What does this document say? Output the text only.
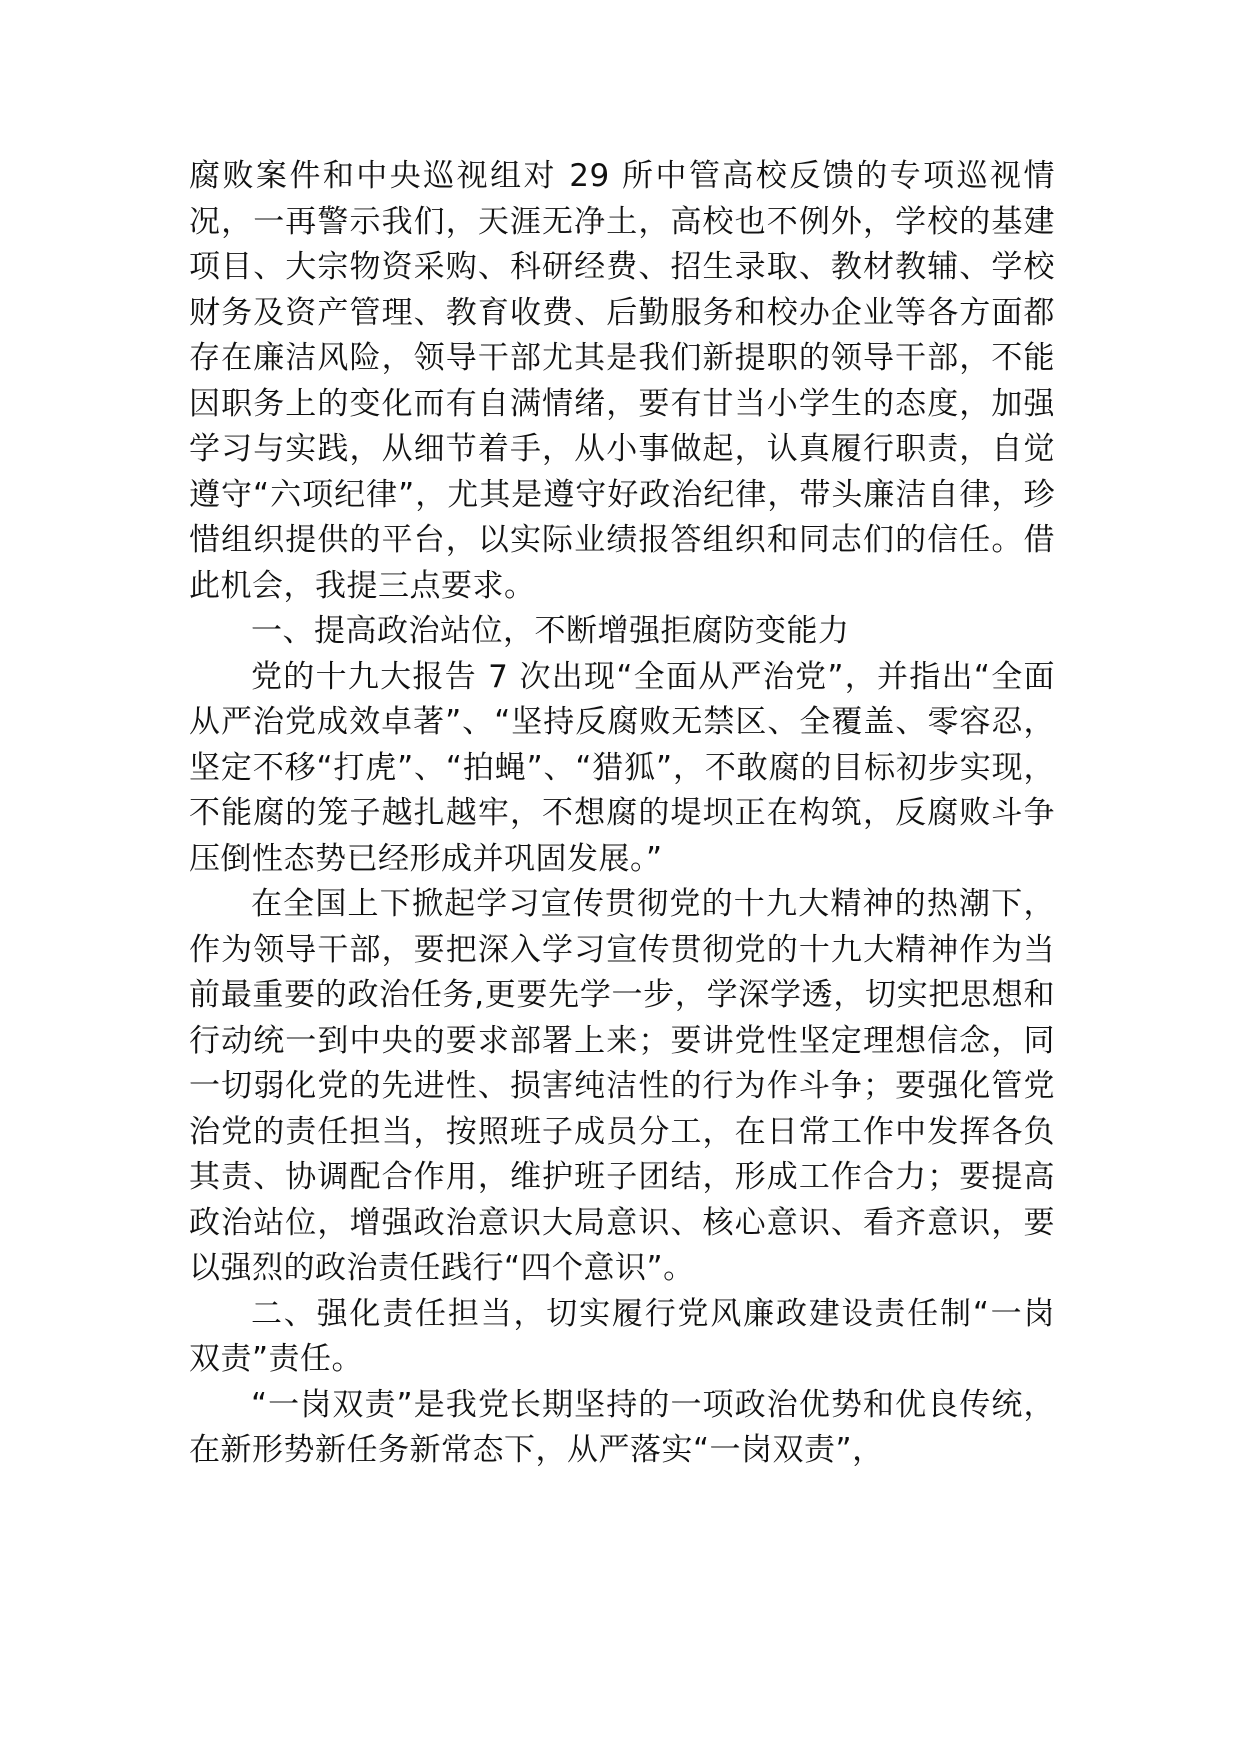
腐败案件和中央巡视组对 29 所中管高校反馈的专项巡视情况，一再警示我们，天涯无净土，高校也不例外，学校的基建项目、大宗物资采购、科研经费、招生录取、教材教辅、学校财务及资产管理、教育收费、后勤服务和校办企业等各方面都存在廉洁风险，领导干部尤其是我们新提职的领导干部，不能因职务上的变化而有自满情绪，要有甘当小学生的态度，加强学习与实践，从细节着手，从小事做起，认真履行职责，自觉遵守“六项纪律”，尤其是遵守好政治纪律，带头廉洁自律，珍惜组织提供的平台，以实际业绩报答组织和同志们的信任。借此机会，我提三点要求。

一、提高政治站位，不断增强拒腐防变能力

党的十九大报告 7 次出现“全面从严治党”，并指出“全面从严治党成效卓著”、“坚持反腐败无禁区、全覆盖、零容忍，坚定不移“打虎”、“拍蝇”、“猎狐”，不敢腐的目标初步实现，不能腐的笼子越扎越牢，不想腐的堤坝正在构筑，反腐败斗争压倒性态势已经形成并巩固发展。”

在全国上下掀起学习宣传贯彻党的十九大精神的热潮下，作为领导干部，要把深入学习宣传贯彻党的十九大精神作为当前最重要的政治任务,更要先学一步，学深学透，切实把思想和行动统一到中央的要求部署上来；要讲党性坚定理想信念，同一切弱化党的先进性、损害纯洁性的行为作斗争；要强化管党治党的责任担当，按照班子成员分工，在日常工作中发挥各负其责、协调配合作用，维护班子团结，形成工作合力；要提高政治站位，增强政治意识大局意识、核心意识、看齐意识，要以强烈的政治责任践行“四个意识”。

二、强化责任担当，切实履行党风廉政建设责任制“一岗双责”责任。

“一岗双责”是我党长期坚持的一项政治优势和优良传统，在新形势新任务新常态下，从严落实“一岗双责”，
